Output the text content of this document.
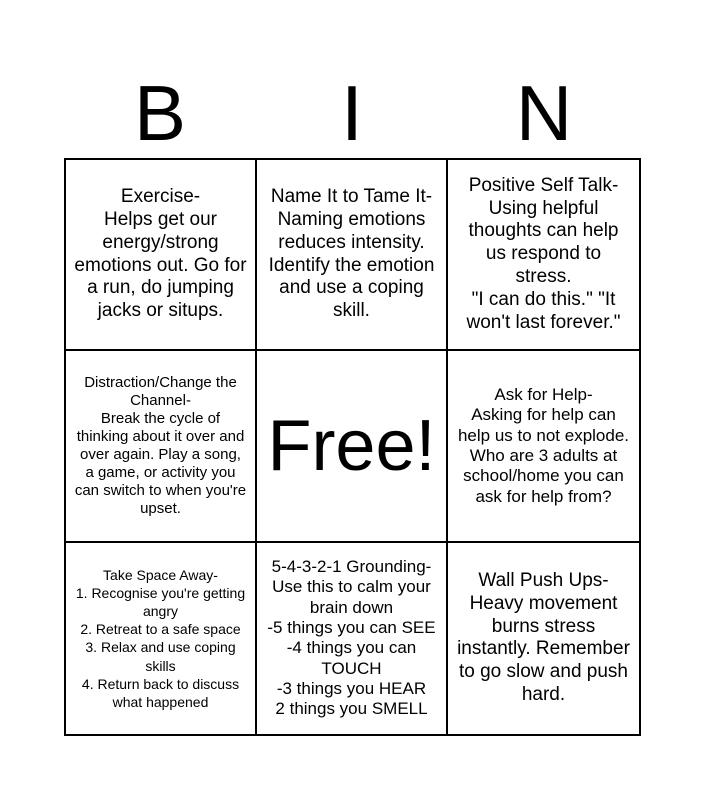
B	I	N
Exercise-
Helps get our energy/strong emotions out. Go for a run, do jumping jacks or situps.
Name It to Tame It-
Naming emotions reduces intensity. Identify the emotion and use a coping skill.
Positive Self Talk-
Using helpful thoughts can help us respond to stress.
"I can do this." "It won't last forever."
Distraction/Change the Channel-
Break the cycle of thinking about it over and over again. Play a song, a game, or activity you can switch to when you're upset.
Free!
Ask for Help-
Asking for help can help us to not explode. Who are 3 adults at school/home you can ask for help from?
Take Space Away-
1. Recognise you're getting angry
2. Retreat to a safe space
3. Relax and use coping skills
4. Return back to discuss what happened
5-4-3-2-1 Grounding-
Use this to calm your brain down
-5 things you can SEE
-4 things you can TOUCH
-3 things you HEAR
2 things you SMELL
Wall Push Ups-
Heavy movement burns stress instantly. Remember to go slow and push hard.
